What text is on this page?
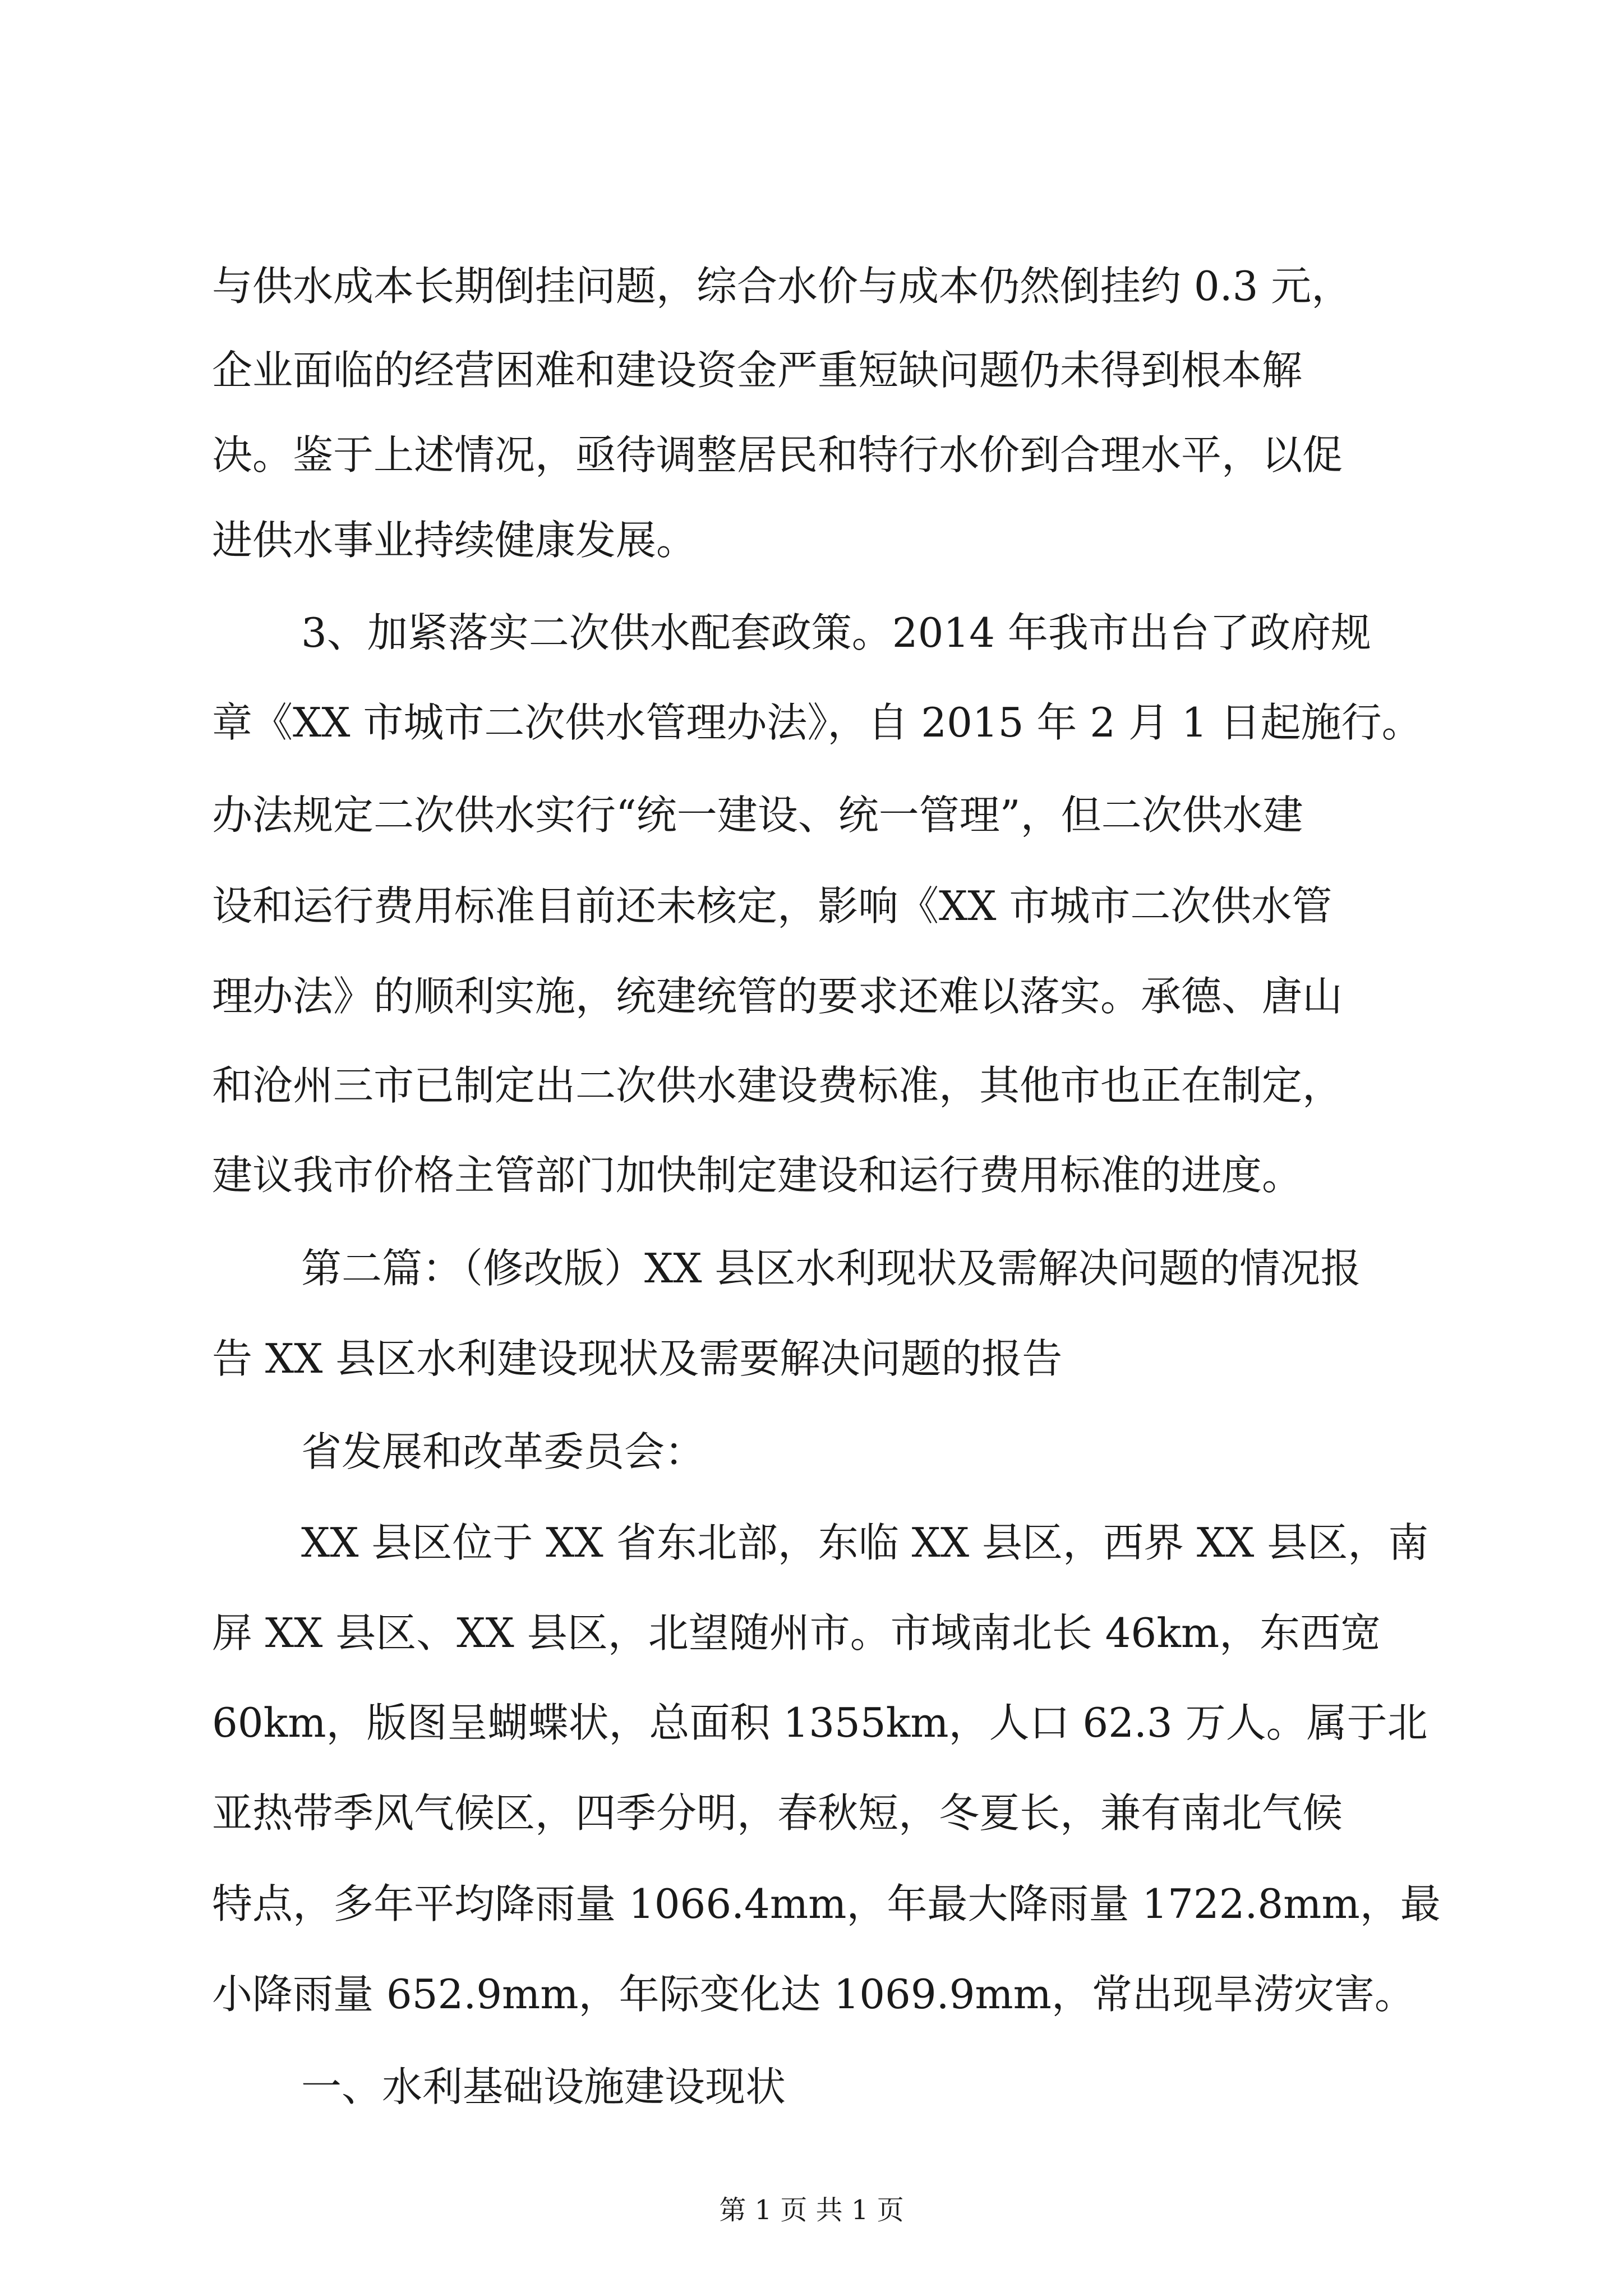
与供水成本长期倒挂问题，综合水价与成本仍然倒挂约 0.3 元，
企业面临的经营困难和建设资金严重短缺问题仍未得到根本解
决。鉴于上述情况，亟待调整居民和特行水价到合理水平，以促
进供水事业持续健康发展。
3、加紧落实二次供水配套政策。2014 年我市出台了政府规
章《XX 市城市二次供水管理办法》，自 2015 年 2 月 1 日起施行。
办法规定二次供水实行“统一建设、统一管理”，但二次供水建
设和运行费用标准目前还未核定，影响《XX 市城市二次供水管
理办法》的顺利实施，统建统管的要求还难以落实。承德、唐山
和沧州三市已制定出二次供水建设费标准，其他市也正在制定，
建议我市价格主管部门加快制定建设和运行费用标准的进度。
第二篇：（修改版）XX 县区水利现状及需解决问题的情况报
告 XX 县区水利建设现状及需要解决问题的报告
省发展和改革委员会：
XX 县区位于 XX 省东北部，东临 XX 县区，西界 XX 县区，南
屏 XX 县区、XX 县区，北望随州市。市域南北长 46km，东西宽
60km，版图呈蝴蝶状，总面积 1355km，人口 62.3 万人。属于北
亚热带季风气候区，四季分明，春秋短，冬夏长，兼有南北气候
特点，多年平均降雨量 1066.4mm，年最大降雨量 1722.8mm，最
小降雨量 652.9mm，年际变化达 1069.9mm，常出现旱涝灾害。
一、水利基础设施建设现状
第 1 页 共 1 页
